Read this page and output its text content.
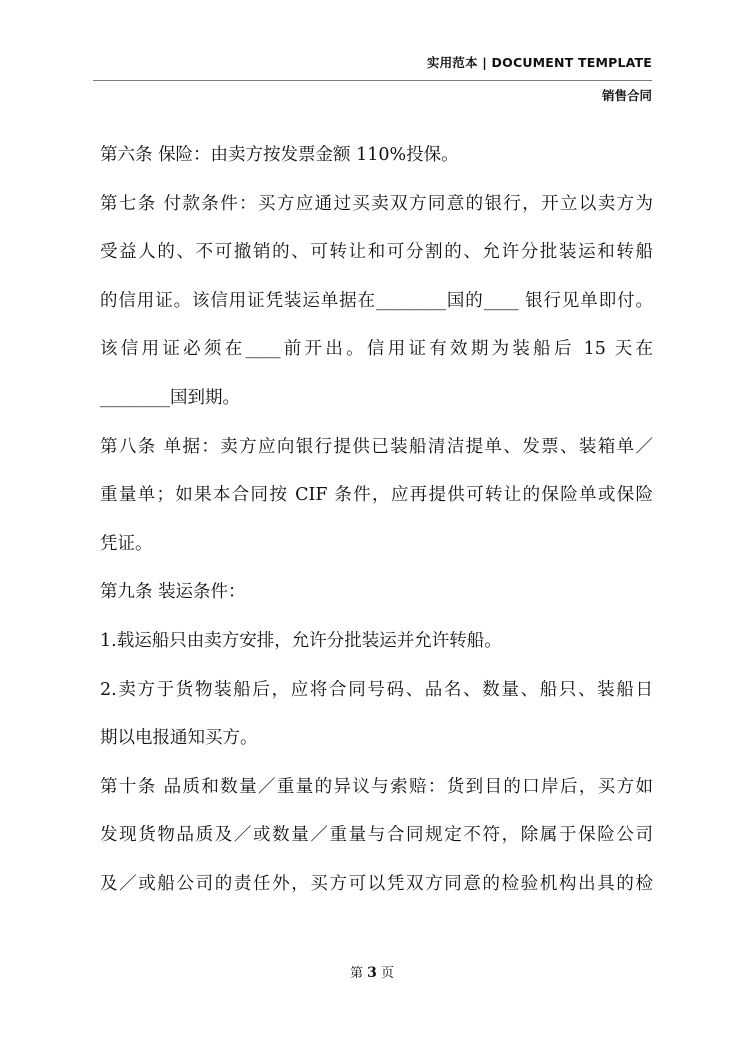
实用范本 | DOCUMENT TEMPLATE
销售合同
第六条 保险：由卖方按发票金额 110%投保。
第七条 付款条件：买方应通过买卖双方同意的银行，开立以卖方为
受益人的、不可撤销的、可转让和可分割的、允许分批装运和转船
的信用证。该信用证凭装运单据在________国的____ 银行见单即付。
该信用证必须在____前开出。信用证有效期为装船后 15 天在
________国到期。
第八条 单据：卖方应向银行提供已装船清洁提单、发票、装箱单／
重量单；如果本合同按 CIF 条件，应再提供可转让的保险单或保险
凭证。
第九条 装运条件：
1.载运船只由卖方安排，允许分批装运并允许转船。
2.卖方于货物装船后，应将合同号码、品名、数量、船只、装船日
期以电报通知买方。
第十条 品质和数量／重量的异议与索赔：货到目的口岸后，买方如
发现货物品质及／或数量／重量与合同规定不符，除属于保险公司
及／或船公司的责任外，买方可以凭双方同意的检验机构出具的检
第 3 页
